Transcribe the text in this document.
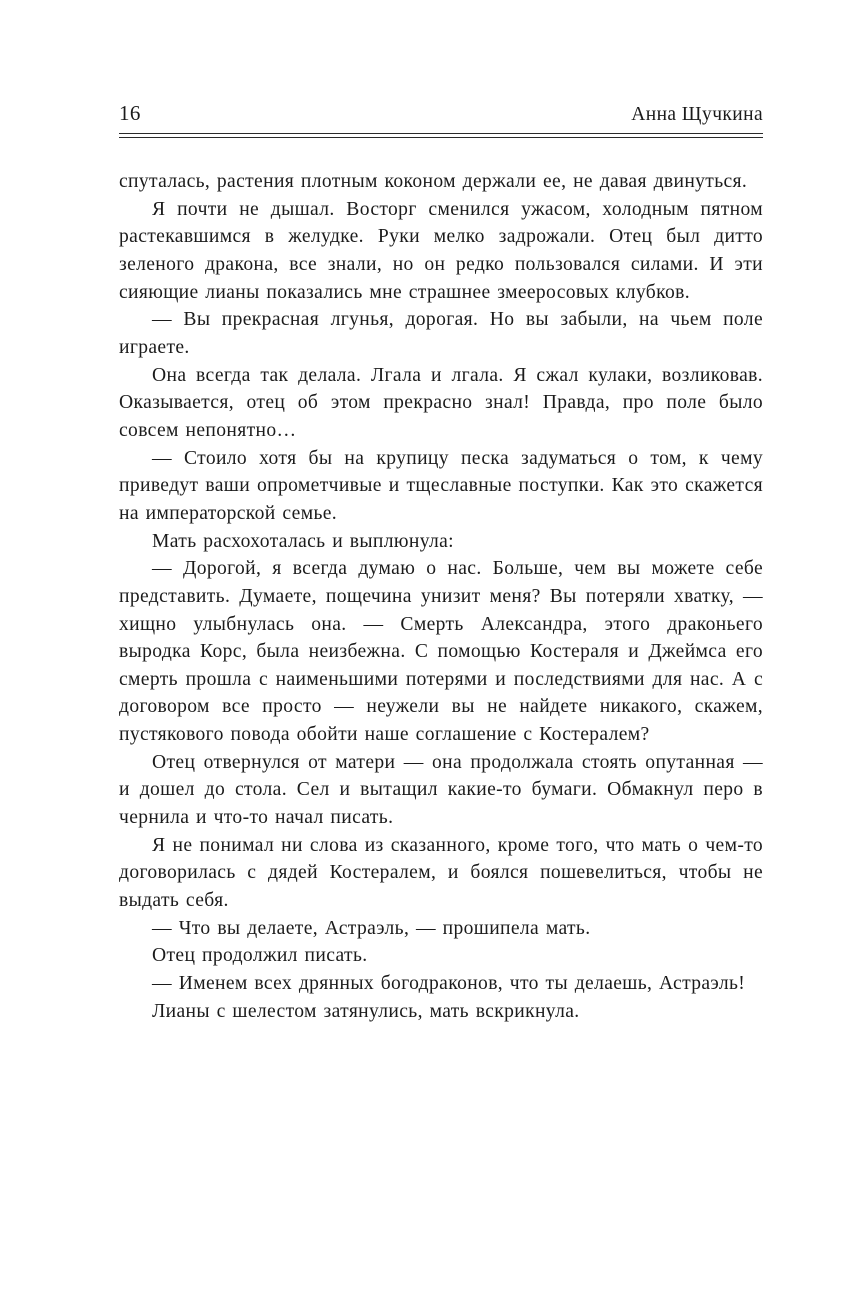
16	Анна Щучкина

спуталась, растения плотным коконом держали ее, не давая двинуться.

Я почти не дышал. Восторг сменился ужасом, холодным пятном растекавшимся в желудке. Руки мелко задрожали. Отец был дитто зеленого дракона, все знали, но он редко пользовался силами. И эти сияющие лианы показались мне страшнее змееросовых клубков.

— Вы прекрасная лгунья, дорогая. Но вы забыли, на чьем поле играете.

Она всегда так делала. Лгала и лгала. Я сжал кулаки, возликовав. Оказывается, отец об этом прекрасно знал! Правда, про поле было совсем непонятно…

— Стоило хотя бы на крупицу песка задуматься о том, к чему приведут ваши опрометчивые и тщеславные поступки. Как это скажется на императорской семье.

Мать расхохоталась и выплюнула:

— Дорогой, я всегда думаю о нас. Больше, чем вы можете себе представить. Думаете, пощечина унизит меня? Вы потеряли хватку, — хищно улыбнулась она. — Смерть Александра, этого драконьего выродка Корс, была неизбежна. С помощью Костераля и Джеймса его смерть прошла с наименьшими потерями и последствиями для нас. А с договором все просто — неужели вы не найдете никакого, скажем, пустякового повода обойти наше соглашение с Костералем?

Отец отвернулся от матери — она продолжала стоять опутанная — и дошел до стола. Сел и вытащил какие-то бумаги. Обмакнул перо в чернила и что-то начал писать.

Я не понимал ни слова из сказанного, кроме того, что мать о чем-то договорилась с дядей Костералем, и боялся пошевелиться, чтобы не выдать себя.

— Что вы делаете, Астраэль, — прошипела мать.

Отец продолжил писать.

— Именем всех дрянных богодраконов, что ты делаешь, Астраэль!

Лианы с шелестом затянулись, мать вскрикнула.
